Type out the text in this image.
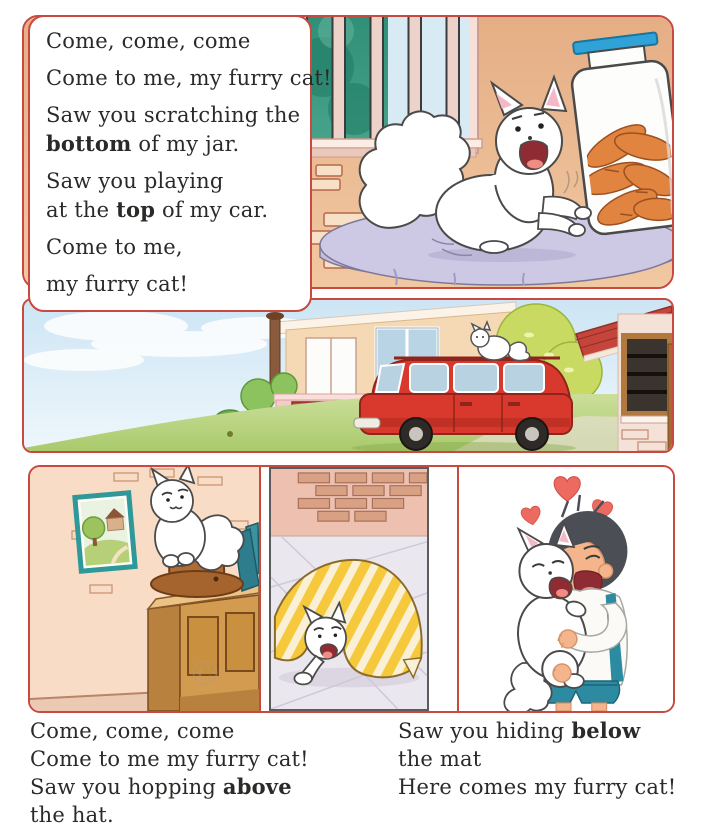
Come, come, come
Come to me, my furry cat!
Saw you scratching the
bottom of my jar.
Saw you playing
at the top of my car.
Come to me,
my furry cat!
©
Come, come, come
Come to me my furry cat!
Saw you hopping above
the hat.
Saw you hiding below
the mat
Here comes my furry cat!
